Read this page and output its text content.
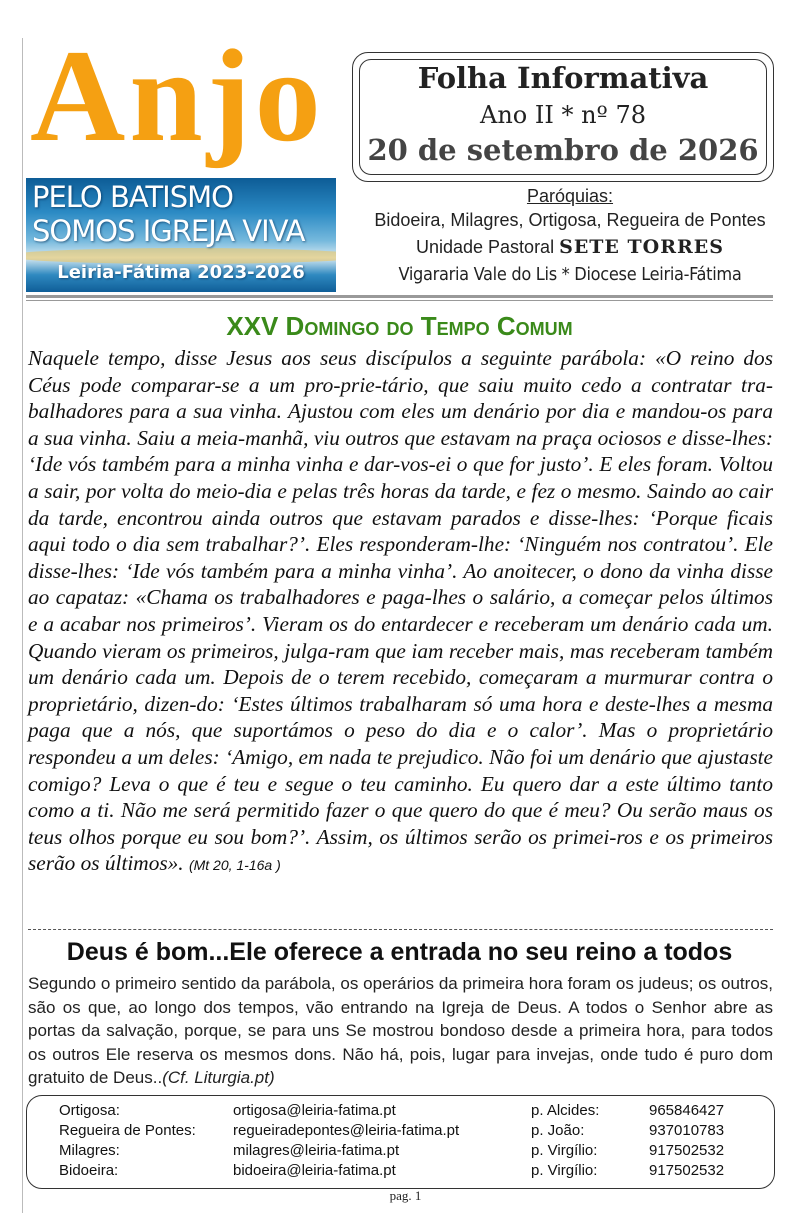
Anjo
PELO BATISMO
SOMOS IGREJA VIVA
Leiria-Fátima 2023-2026
Folha Informativa
Ano II * nº 78
20 de setembro de 2026
Paróquias:
Bidoeira, Milagres, Ortigosa, Regueira de Pontes
Unidade Pastoral SETE TORRES
Vigararia Vale do Lis * Diocese Leiria-Fátima
XXV Domingo do Tempo Comum
Naquele tempo, disse Jesus aos seus discípulos a seguinte parábola: «O reino dos Céus pode comparar-se a um pro-prie-tário, que saiu muito cedo a contratar tra-balhadores para a sua vinha. Ajustou com eles um denário por dia e mandou-os para a sua vinha. Saiu a meia-manhã, viu outros que estavam na praça ociosos e disse-lhes: ‘Ide vós também para a minha vinha e dar-vos-ei o que for justo’. E eles foram. Voltou a sair, por volta do meio-dia e pelas três horas da tarde, e fez o mesmo. Saindo ao cair da tarde, encontrou ainda outros que estavam parados e disse-lhes: ‘Porque ficais aqui todo o dia sem trabalhar?’. Eles responderam-lhe: ‘Ninguém nos contratou’. Ele disse-lhes: ‘Ide vós também para a minha vinha’. Ao anoitecer, o dono da vinha disse ao capataz: «Chama os trabalhadores e paga-lhes o salário, a começar pelos últimos e a acabar nos primeiros’. Vieram os do entardecer e receberam um denário cada um. Quando vieram os primeiros, julga-ram que iam receber mais, mas receberam também um denário cada um. Depois de o terem recebido, começaram a murmurar contra o proprietário, dizen-do: ‘Estes últimos trabalharam só uma hora e deste-lhes a mesma paga que a nós, que suportámos o peso do dia e o calor’. Mas o proprietário respondeu a um deles: ‘Amigo, em nada te prejudico. Não foi um denário que ajustaste comigo? Leva o que é teu e segue o teu caminho. Eu quero dar a este último tanto como a ti. Não me será permitido fazer o que quero do que é meu? Ou serão maus os teus olhos porque eu sou bom?’. Assim, os últimos serão os primei-ros e os primeiros serão os últimos». (Mt 20, 1-16a )
Deus é bom...Ele oferece a entrada no seu reino a todos
Segundo o primeiro sentido da parábola, os operários da primeira hora foram os judeus; os outros, são os que, ao longo dos tempos, vão entrando na Igreja de Deus. A todos o Senhor abre as portas da salvação, porque, se para uns Se mostrou bondoso desde a primeira hora, para todos os outros Ele reserva os mesmos dons. Não há, pois, lugar para invejas, onde tudo é puro dom gratuito de Deus..(Cf. Liturgia.pt)
Ortigosa:	ortigosa@leiria-fatima.pt	p. Alcides:	965846427
Regueira de Pontes: regueiradepontes@leiria-fatima.pt	p. João:	937010783
Milagres:	milagres@leiria-fatima.pt	p. Virgílio:	917502532
Bidoeira:	bidoeira@leiria-fatima.pt	p. Virgílio:	917502532
pag. 1
